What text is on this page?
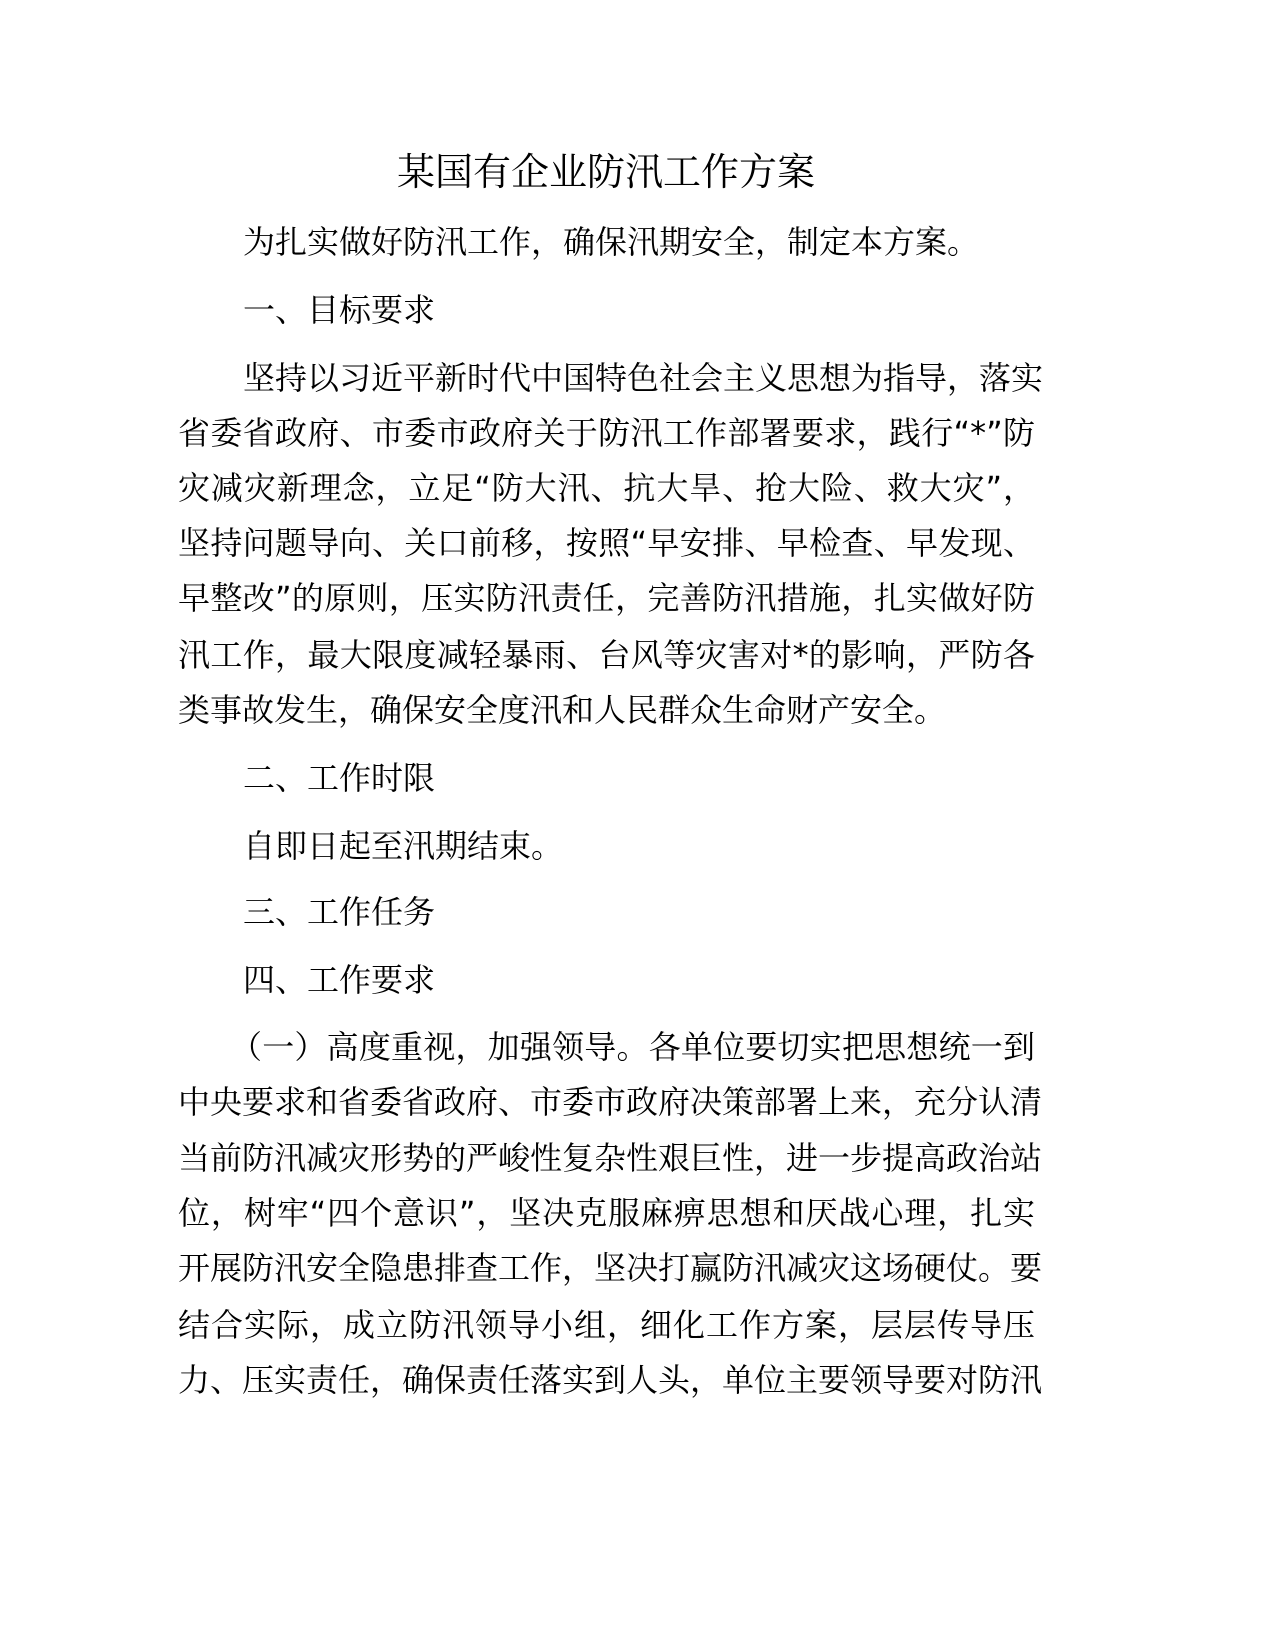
某国有企业防汛工作方案
为扎实做好防汛工作，确保汛期安全，制定本方案。
一、目标要求
坚持以习近平新时代中国特色社会主义思想为指导，落实
省委省政府、市委市政府关于防汛工作部署要求，践行“*”防
灾减灾新理念，立足“防大汛、抗大旱、抢大险、救大灾”，
坚持问题导向、关口前移，按照“早安排、早检查、早发现、
早整改”的原则，压实防汛责任，完善防汛措施，扎实做好防
汛工作，最大限度减轻暴雨、台风等灾害对*的影响，严防各
类事故发生，确保安全度汛和人民群众生命财产安全。
二、工作时限
自即日起至汛期结束。
三、工作任务
四、工作要求
（一）高度重视，加强领导。各单位要切实把思想统一到
中央要求和省委省政府、市委市政府决策部署上来，充分认清
当前防汛减灾形势的严峻性复杂性艰巨性，进一步提高政治站
位，树牢“四个意识”，坚决克服麻痹思想和厌战心理，扎实
开展防汛安全隐患排查工作，坚决打赢防汛减灾这场硬仗。要
结合实际，成立防汛领导小组，细化工作方案，层层传导压
力、压实责任，确保责任落实到人头，单位主要领导要对防汛
